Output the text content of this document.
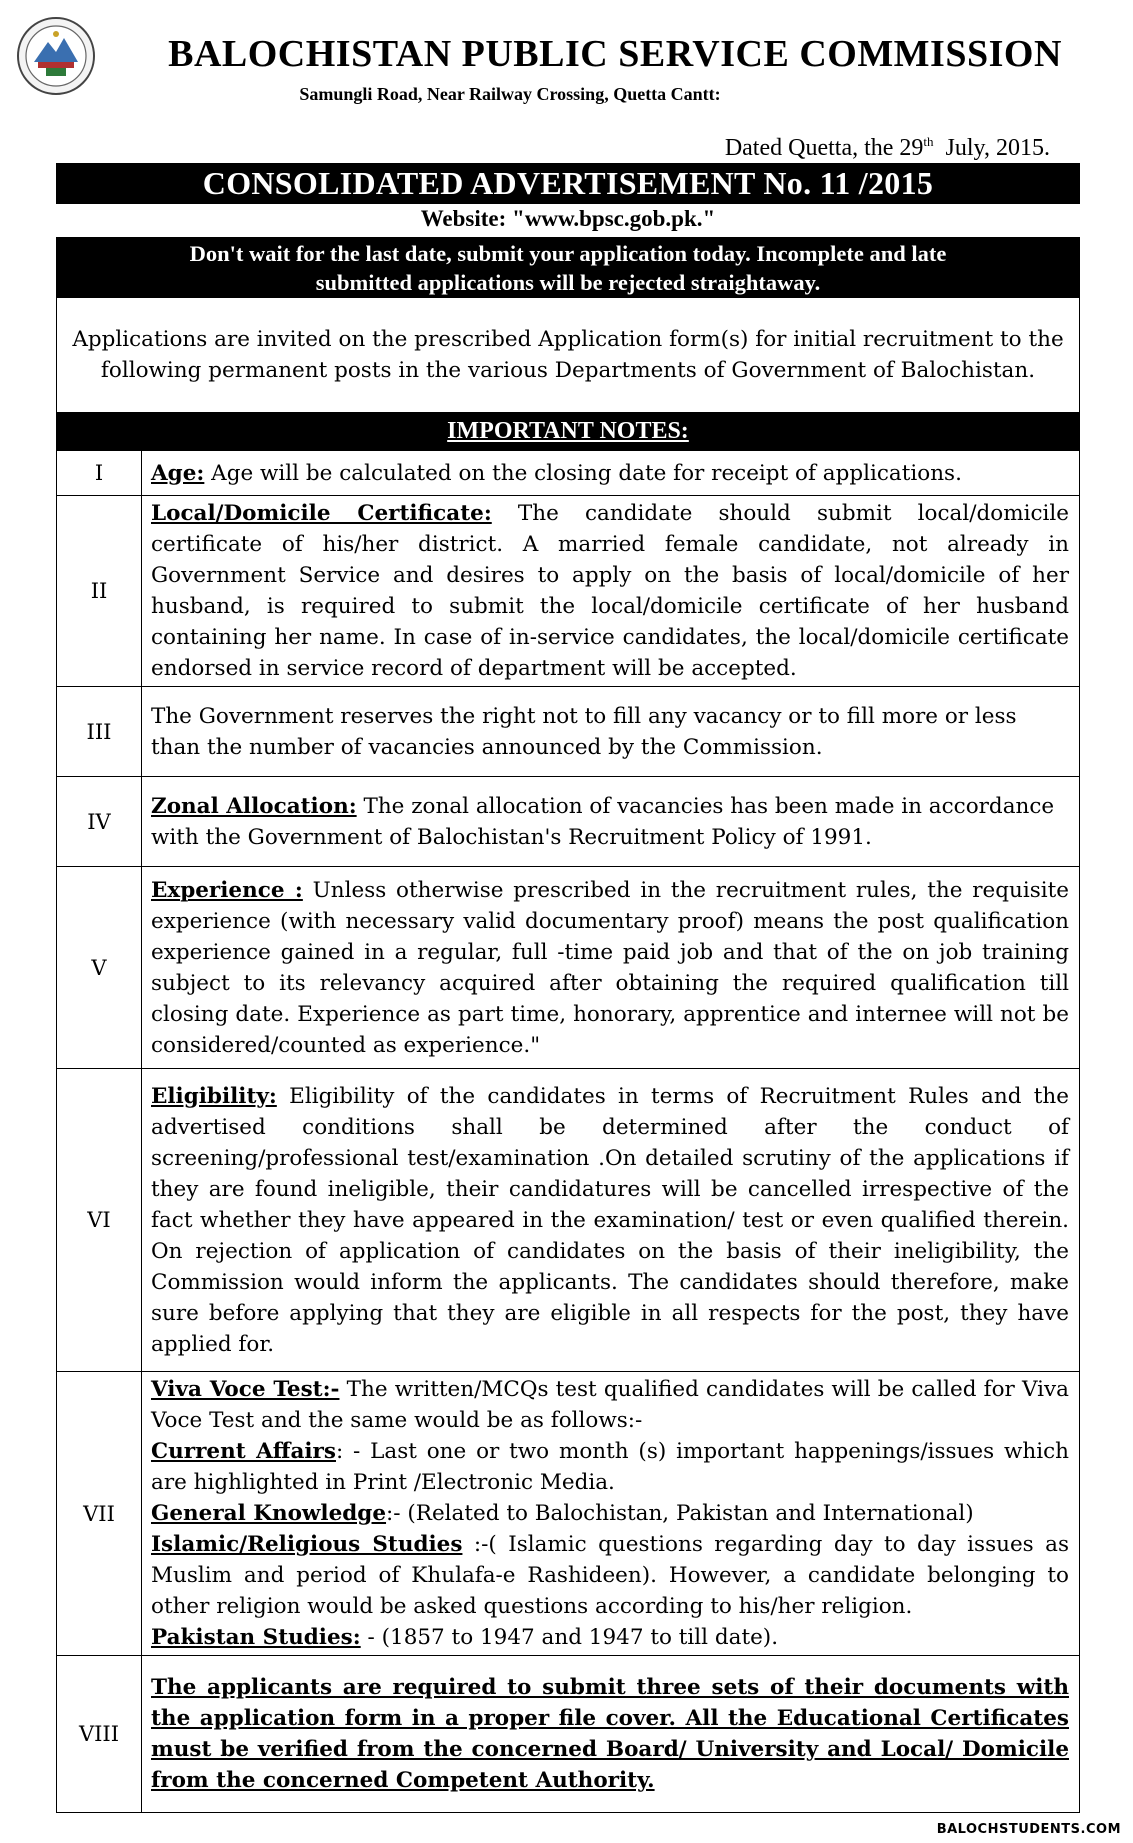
BALOCHISTAN PUBLIC SERVICE COMMISSION
Samungli Road, Near Railway Crossing, Quetta Cantt:
Dated Quetta, the 29th  July, 2015.
CONSOLIDATED ADVERTISEMENT No. 11 /2015
Website: "www.bpsc.gob.pk."
Don't wait for the last date, submit your application today. Incomplete and late
submitted applications will be rejected straightaway.
Applications are invited on the prescribed Application form(s) for initial recruitment to the following permanent posts in the various Departments of Government of Balochistan.
IMPORTANT NOTES:
I	Age: Age will be calculated on the closing date for receipt of applications.
II	Local/Domicile Certificate: The candidate should submit local/domicile certificate of his/her district. A married female candidate, not already in Government Service and desires to apply on the basis of local/domicile of her husband, is required to submit the local/domicile certificate of her husband containing her name. In case of in-service candidates, the local/domicile certificate endorsed in service record of department will be accepted.
III	The Government reserves the right not to fill any vacancy or to fill more or less than the number of vacancies announced by the Commission.
IV	Zonal Allocation: The zonal allocation of vacancies has been made in accordance with the Government of Balochistan's Recruitment Policy of 1991.
V	Experience : Unless otherwise prescribed in the recruitment rules, the requisite experience (with necessary valid documentary proof) means the post qualification experience gained in a regular, full -time paid job and that of the on job training subject to its relevancy acquired after obtaining the required qualification till closing date. Experience as part time, honorary, apprentice and internee will not be considered/counted as experience."
VI	Eligibility: Eligibility of the candidates in terms of Recruitment Rules and the advertised conditions shall be determined after the conduct of screening/professional test/examination .On detailed scrutiny of the applications if they are found ineligible, their candidatures will be cancelled irrespective of the fact whether they have appeared in the examination/ test or even qualified therein. On rejection of application of candidates on the basis of their ineligibility, the Commission would inform the applicants. The candidates should therefore, make sure before applying that they are eligible in all respects for the post, they have applied for.
VII	Viva Voce Test:- The written/MCQs test qualified candidates will be called for Viva Voce Test and the same would be as follows:-
Current Affairs: - Last one or two month (s) important happenings/issues which are highlighted in Print /Electronic Media.
General Knowledge:- (Related to Balochistan, Pakistan and International)
Islamic/Religious Studies :-( Islamic questions regarding day to day issues as Muslim and period of Khulafa-e Rashideen). However, a candidate belonging to other religion would be asked questions according to his/her religion.
Pakistan Studies: - (1857 to 1947 and 1947 to till date).

VIII	The applicants are required to submit three sets of their documents with the application form in a proper file cover. All the Educational Certificates must be verified from the concerned Board/ University and Local/ Domicile from the concerned Competent Authority.
BALOCHSTUDENTS.COM
